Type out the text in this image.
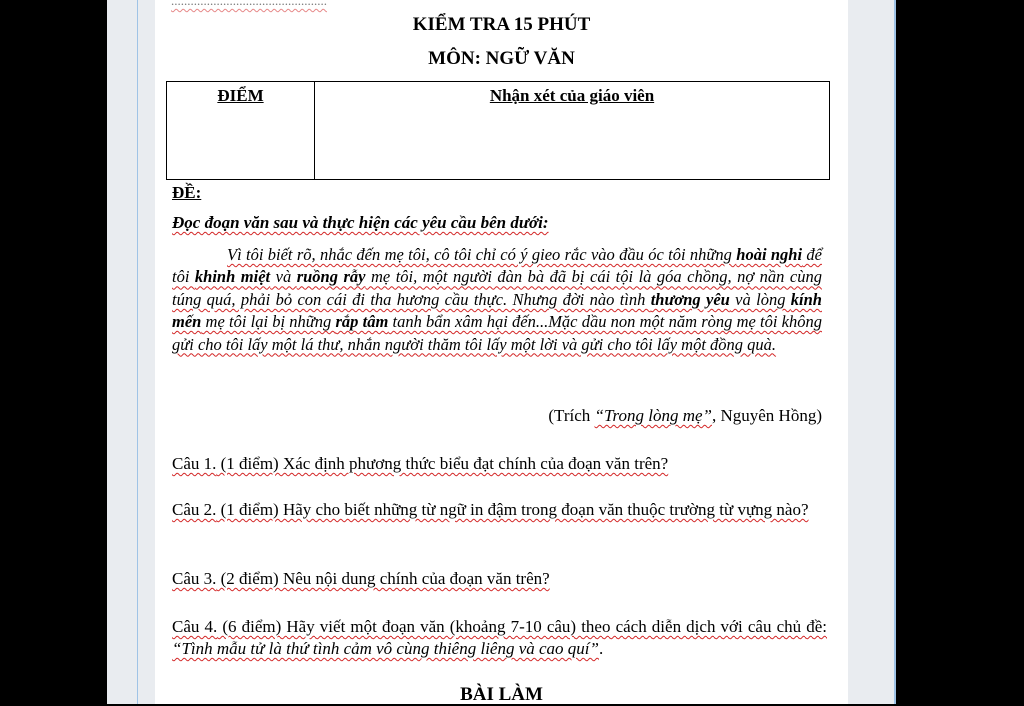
................................................
KIỂM TRA 15 PHÚT
MÔN: NGỮ VĂN
ĐIỂM	Nhận xét của giáo viên
ĐỀ:
Đọc đoạn văn sau và thực hiện các yêu cầu bên dưới:
Vì tôi biết rõ, nhắc đến mẹ tôi, cô tôi chỉ có ý gieo rắc vào đầu óc tôi những hoài nghi để tôi khinh miệt và ruồng rẫy mẹ tôi, một người đàn bà đã bị cái tội là góa chồng, nợ nần cùng túng quá, phải bỏ con cái đi tha hương cầu thực. Nhưng đời nào tình thương yêu và lòng kính mến mẹ tôi lại bị những rắp tâm tanh bẩn xâm hại đến...Mặc dầu non một năm ròng mẹ tôi không gửi cho tôi lấy một lá thư, nhắn người thăm tôi lấy một lời và gửi cho tôi lấy một đồng quà.
(Trích “Trong lòng mẹ”, Nguyên Hồng)
Câu 1. (1 điểm) Xác định phương thức biểu đạt chính của đoạn văn trên?
Câu 2. (1 điểm) Hãy cho biết những từ ngữ in đậm trong đoạn văn thuộc trường từ vựng nào?
Câu 3. (2 điểm) Nêu nội dung chính của đoạn văn trên?
Câu 4. (6 điểm) Hãy viết một đoạn văn (khoảng 7-10 câu) theo cách diễn dịch với câu chủ đề: “Tình mẫu tử là thứ tình cảm vô cùng thiêng liêng và cao quí”.
BÀI LÀM
